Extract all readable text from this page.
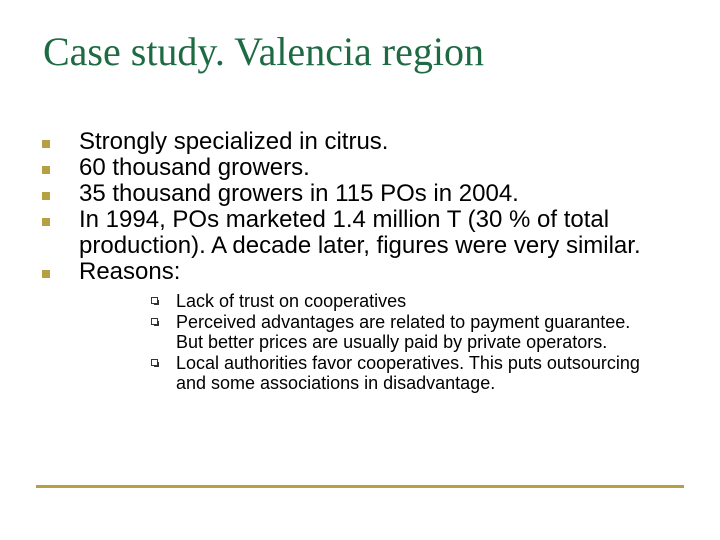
Case study. Valencia region
Strongly specialized in citrus.
60 thousand growers.
35 thousand growers in 115 POs in 2004.
In 1994, POs marketed 1.4 million T (30 % of total
production). A decade later, figures were very similar.
Reasons:
Lack of trust on cooperatives
Perceived advantages are related to payment guarantee.
But better prices are usually paid by private operators.
Local authorities favor cooperatives. This puts outsourcing
and some associations in disadvantage.
